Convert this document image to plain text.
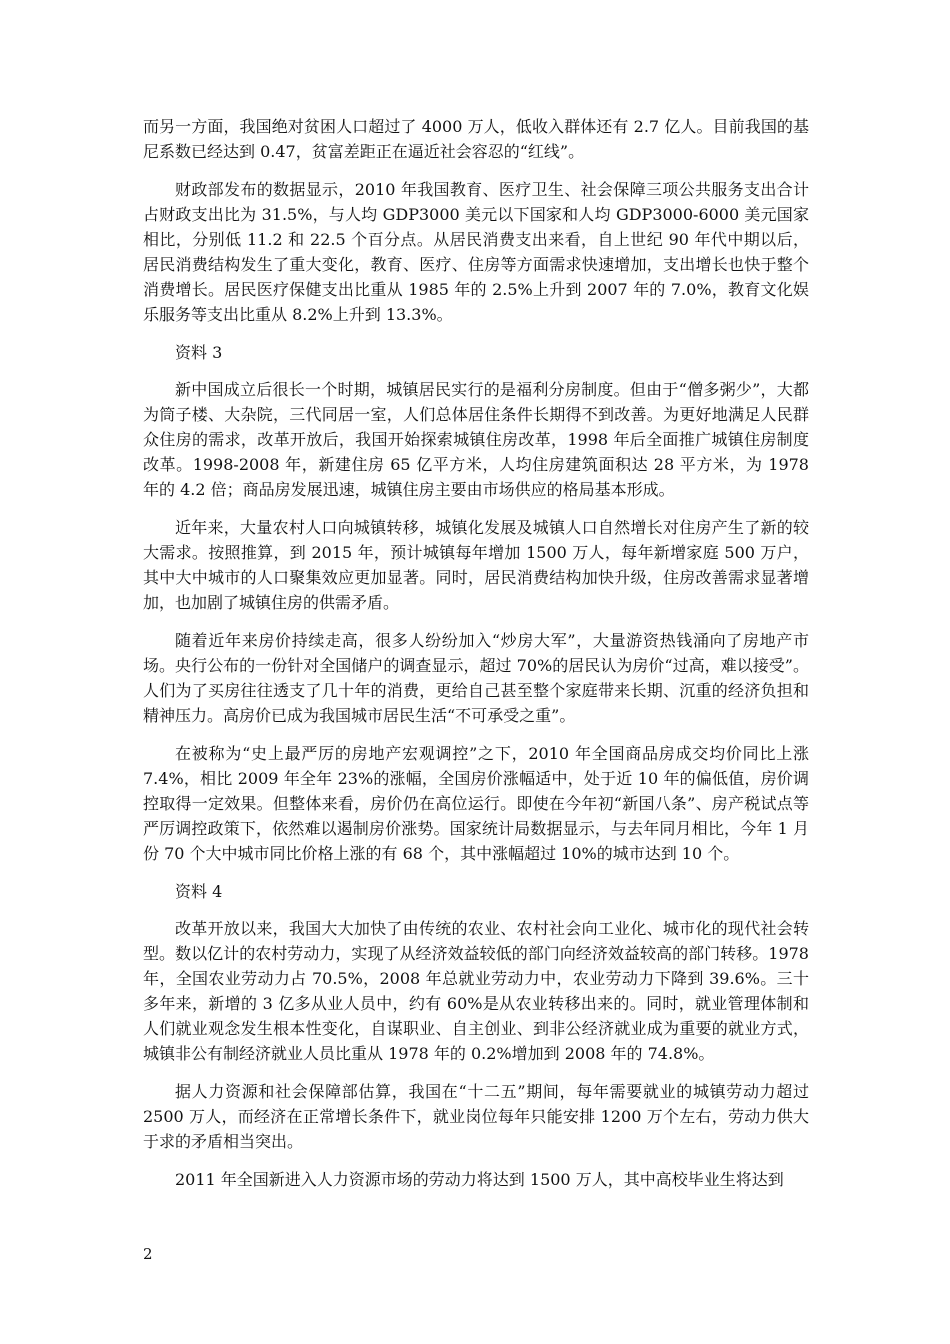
而另一方面，我国绝对贫困人口超过了 4000 万人，低收入群体还有 2.7 亿人。目前我国的基尼系数已经达到 0.47，贫富差距正在逼近社会容忍的“红线”。

财政部发布的数据显示，2010 年我国教育、医疗卫生、社会保障三项公共服务支出合计占财政支出比为 31.5%，与人均 GDP3000 美元以下国家和人均 GDP3000-6000 美元国家相比，分别低 11.2 和 22.5 个百分点。从居民消费支出来看，自上世纪 90 年代中期以后，居民消费结构发生了重大变化，教育、医疗、住房等方面需求快速增加，支出增长也快于整个消费增长。居民医疗保健支出比重从 1985 年的 2.5%上升到 2007 年的 7.0%，教育文化娱乐服务等支出比重从 8.2%上升到 13.3%。

资料 3

新中国成立后很长一个时期，城镇居民实行的是福利分房制度。但由于“僧多粥少”，大都为筒子楼、大杂院，三代同居一室，人们总体居住条件长期得不到改善。为更好地满足人民群众住房的需求，改革开放后，我国开始探索城镇住房改革，1998 年后全面推广城镇住房制度改革。1998-2008 年，新建住房 65 亿平方米，人均住房建筑面积达 28 平方米，为 1978 年的 4.2 倍；商品房发展迅速，城镇住房主要由市场供应的格局基本形成。

近年来，大量农村人口向城镇转移，城镇化发展及城镇人口自然增长对住房产生了新的较大需求。按照推算，到 2015 年，预计城镇每年增加 1500 万人，每年新增家庭 500 万户，其中大中城市的人口聚集效应更加显著。同时，居民消费结构加快升级，住房改善需求显著增加，也加剧了城镇住房的供需矛盾。

随着近年来房价持续走高，很多人纷纷加入“炒房大军”，大量游资热钱涌向了房地产市场。央行公布的一份针对全国储户的调查显示，超过 70%的居民认为房价“过高，难以接受”。人们为了买房往往透支了几十年的消费，更给自己甚至整个家庭带来长期、沉重的经济负担和精神压力。高房价已成为我国城市居民生活“不可承受之重”。

在被称为“史上最严厉的房地产宏观调控”之下，2010 年全国商品房成交均价同比上涨 7.4%，相比 2009 年全年 23%的涨幅，全国房价涨幅适中，处于近 10 年的偏低值，房价调控取得一定效果。但整体来看，房价仍在高位运行。即使在今年初“新国八条”、房产税试点等严厉调控政策下，依然难以遏制房价涨势。国家统计局数据显示，与去年同月相比，今年 1 月份 70 个大中城市同比价格上涨的有 68 个，其中涨幅超过 10%的城市达到 10 个。

资料 4

改革开放以来，我国大大加快了由传统的农业、农村社会向工业化、城市化的现代社会转型。数以亿计的农村劳动力，实现了从经济效益较低的部门向经济效益较高的部门转移。1978 年，全国农业劳动力占 70.5%，2008 年总就业劳动力中，农业劳动力下降到 39.6%。三十多年来，新增的 3 亿多从业人员中，约有 60%是从农业转移出来的。同时，就业管理体制和人们就业观念发生根本性变化，自谋职业、自主创业、到非公经济就业成为重要的就业方式，城镇非公有制经济就业人员比重从 1978 年的 0.2%增加到 2008 年的 74.8%。

据人力资源和社会保障部估算，我国在“十二五”期间，每年需要就业的城镇劳动力超过 2500 万人，而经济在正常增长条件下，就业岗位每年只能安排 1200 万个左右，劳动力供大于求的矛盾相当突出。

2011 年全国新进入人力资源市场的劳动力将达到 1500 万人，其中高校毕业生将达到

2
